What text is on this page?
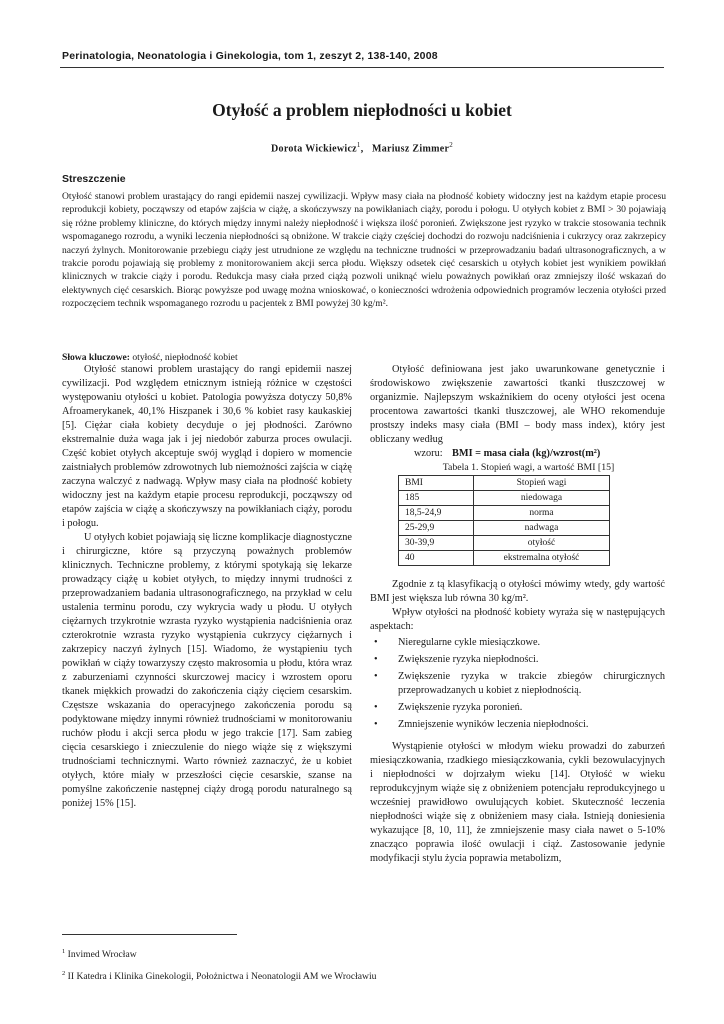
Perinatologia, Neonatologia i Ginekologia, tom 1, zeszyt 2, 138-140, 2008
Otyłość a problem niepłodności u kobiet
Dorota Wickiewicz$^1$, Mariusz Zimmer$^2$
Streszczenie
Otyłość stanowi problem urastający do rangi epidemii naszej cywilizacji. Wpływ masy ciała na płodność kobiety widoczny jest na każdym etapie procesu reprodukcji kobiety, począwszy od etapów zajścia w ciążę, a skończywszy na powikłaniach ciąży, porodu i połogu. U otyłych kobiet z BMI > 30 pojawiają się różne problemy kliniczne, do których między innymi należy niepłodność i większa ilość poronień. Zwiększone jest ryzyko w trakcie stosowania technik wspomaganego rozrodu, a wyniki leczenia niepłodności są obniżone. W trakcie ciąży częściej dochodzi do rozwoju nadciśnienia i cukrzycy oraz zakrzepicy naczyń żylnych. Monitorowanie przebiegu ciąży jest utrudnione ze względu na techniczne trudności w przeprowadzaniu badań ultrasonograficznych, a w trakcie porodu pojawiają się problemy z monitorowaniem akcji serca płodu. Większy odsetek cięć cesarskich u otyłych kobiet jest wynikiem powikłań klinicznych w trakcie ciąży i porodu. Redukcja masy ciała przed ciążą pozwoli uniknąć wielu poważnych powikłań oraz zmniejszy ilość wskazań do elektywnych cięć cesarskich. Biorąc powyższe pod uwagę można wnioskować, o konieczności wdrożenia odpowiednich programów leczenia otyłości przed rozpoczęciem technik wspomaganego rozrodu u pacjentek z BMI powyżej 30 kg/m².
Słowa kluczowe: otyłość, niepłodność kobiet

Otyłość stanowi problem urastający do rangi epidemii naszej cywilizacji. Pod względem etnicznym istnieją różnice w częstości występowaniu otyłości u kobiet. Patologia powyższa dotyczy 50,8% Afroamerykanek, 40,1% Hiszpanek i 30,6 % kobiet rasy kaukaskiej [5]. Ciężar ciała kobiety decyduje o jej płodności. Zarówno ekstremalnie duża waga jak i jej niedobór zaburza proces owulacji. Część kobiet otyłych akceptuje swój wygląd i dopiero w momencie zaistniałych problemów zdrowotnych lub niemożności zajścia w ciążę zaczyna walczyć z nadwagą. Wpływ masy ciała na płodność kobiety widoczny jest na każdym etapie procesu reprodukcji, począwszy od etapów zajścia w ciążę a skończywszy na powikłaniach ciąży, porodu i połogu.

U otyłych kobiet pojawiają się liczne komplikacje diagnostyczne i chirurgiczne, które są przyczyną poważnych problemów klinicznych. Techniczne problemy, z którymi spotykają się lekarze prowadzący ciążę u kobiet otyłych, to między innymi trudności z przeprowadzaniem badania ultrasonograficznego, na przykład w celu ustalenia terminu porodu, czy wykrycia wady u płodu. U otyłych ciężarnych trzykrotnie wzrasta ryzyko wystąpienia nadciśnienia oraz czterokrotnie wzrasta ryzyko wystąpienia cukrzycy ciężarnych i zakrzepicy naczyń żylnych [15]. Wiadomo, że wystąpieniu tych powikłań w ciąży towarzyszy często makrosomia u płodu, która wraz z zaburzeniami czynności skurczowej macicy i wzrostem oporu tkanek miękkich prowadzi do zakończenia ciąży cięciem cesarskim. Częstsze wskazania do operacyjnego zakończenia porodu są podyktowane między innymi również trudnościami w monitorowaniu ruchów płodu i akcji serca płodu w jego trakcie [17]. Sam zabieg cięcia cesarskiego i znieczulenie do niego wiąże się z większymi trudnościami technicznymi. Warto również zaznaczyć, że u kobiet otyłych, które miały w przeszłości cięcie cesarskie, szanse na pomyślne zakończenie następnej ciąży drogą porodu naturalnego są poniżej 15% [15].

Otyłość definiowana jest jako uwarunkowane genetycznie i środowiskowo zwiększenie zawartości tkanki tłuszczowej w organizmie. Najlepszym wskaźnikiem do oceny otyłości jest ocena procentowa zawartości tkanki tłuszczowej, ale WHO rekomenduje prostszy indeks masy ciała (BMI – body mass index), który jest obliczany według

wzoru: BMI = masa ciała (kg)/wzrost(m²)

Tabela 1. Stopień wagi, a wartość BMI [15]

BMI	Stopień wagi
185	niedowaga
18,5-24,9	norma
25-29,9	nadwaga
30-39,9	otyłość
40	ekstremalna otyłość

Zgodnie z tą klasyfikacją o otyłości mówimy wtedy, gdy wartość BMI jest większa lub równa 30 kg/m².

Wpływ otyłości na płodność kobiety wyraża się w następujących aspektach:

• Nieregularne cykle miesiączkowe.
• Zwiększenie ryzyka niepłodności.
• Zwiększenie ryzyka w trakcie zbiegów chirurgicznych przeprowadzanych u kobiet z niepłodnością.
• Zwiększenie ryzyka poronień.
• Zmniejszenie wyników leczenia niepłodności.

Wystąpienie otyłości w młodym wieku prowadzi do zaburzeń miesiączkowania, rzadkiego miesiączkowania, cykli bezowulacyjnych i niepłodności w dojrzałym wieku [14]. Otyłość w wieku reprodukcyjnym wiąże się z obniżeniem potencjału reprodukcyjnego u wcześniej prawidłowo owulujących kobiet. Skuteczność leczenia niepłodności wiąże się z obniżeniem masy ciała. Istnieją doniesienia wykazujące [8, 10, 11], że zmniejszenie masy ciała nawet o 5-10% znacząco poprawia ilość owulacji i ciąż. Zastosowanie jedynie modyfikacji stylu życia poprawia metabolizm,

$^1$ Invimed Wrocław
$^2$ II Katedra i Klinika Ginekologii, Położnictwa i Neonatologii AM we Wrocławiu
